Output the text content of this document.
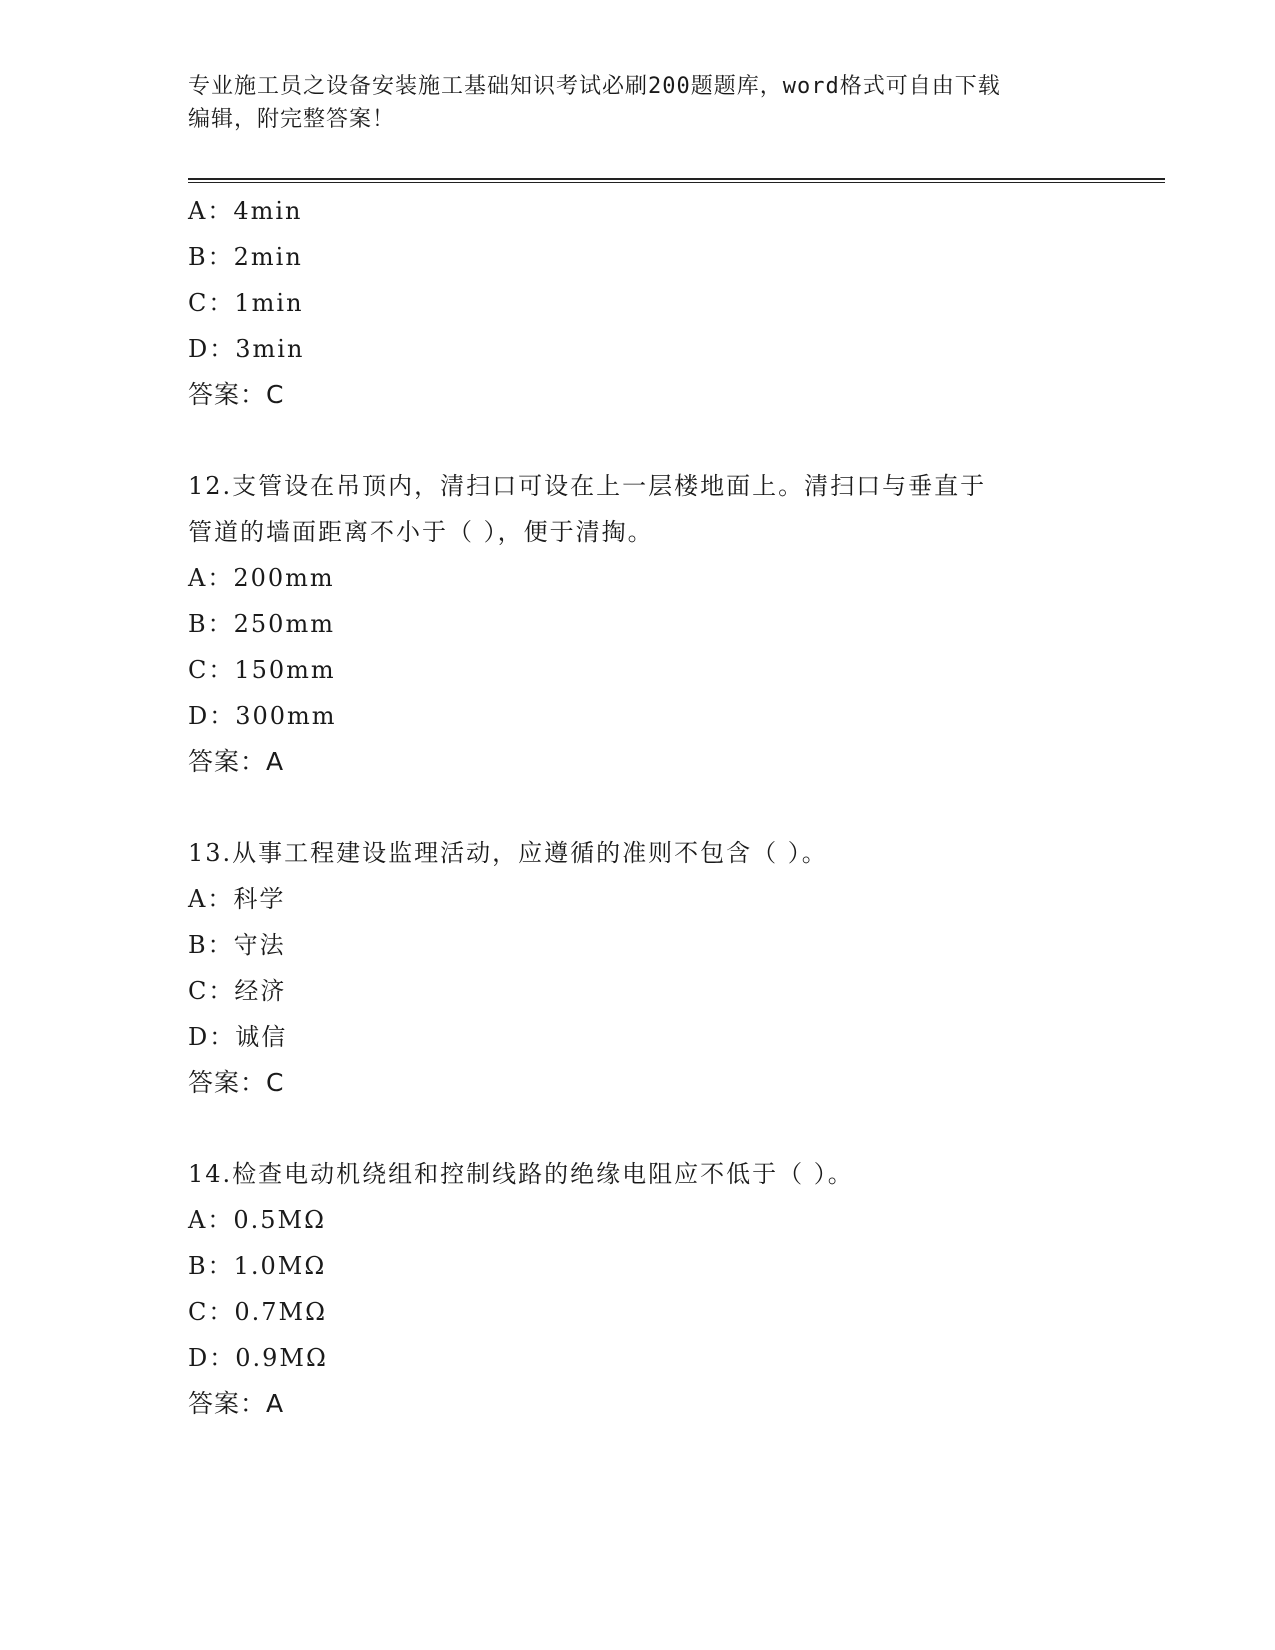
专业施工员之设备安装施工基础知识考试必刷200题题库，word格式可自由下载
编辑，附完整答案！
A：4min
B：2min
C：1min
D：3min
答案：C
12.支管设在吊顶内，清扫口可设在上一层楼地面上。清扫口与垂直于
管道的墙面距离不小于（ ），便于清掏。
A：200mm
B：250mm
C：150mm
D：300mm
答案：A
13.从事工程建设监理活动，应遵循的准则不包含（ ）。
A：科学
B：守法
C：经济
D：诚信
答案：C
14.检查电动机绕组和控制线路的绝缘电阻应不低于（ ）。
A：0.5MΩ
B：1.0MΩ
C：0.7MΩ
D：0.9MΩ
答案：A
